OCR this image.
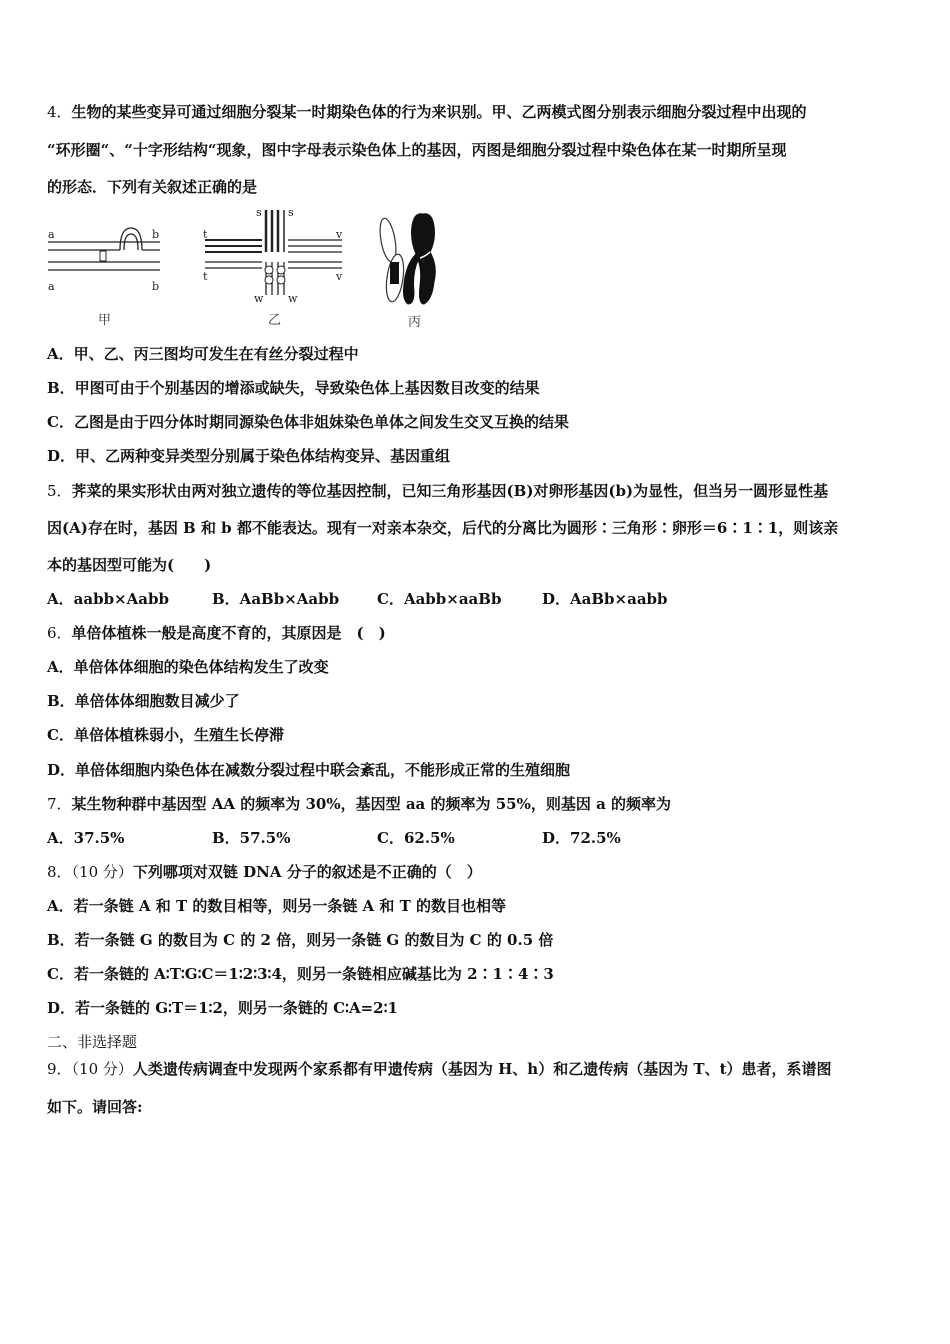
4．生物的某些变异可通过细胞分裂某一时期染色体的行为来识别。甲、乙两模式图分别表示细胞分裂过程中出现的
“环形圈“、“十字形结构“现象，图中字母表示染色体上的基因，丙图是细胞分裂过程中染色体在某一时期所呈现
的形态．下列有关叙述正确的是
a	b
a	b
甲
s s
t	v
t	v
w w
乙	丙
A．甲、乙、丙三图均可发生在有丝分裂过程中
B．甲图可由于个别基因的增添或缺失，导致染色体上基因数目改变的结果
C．乙图是由于四分体时期同源染色体非姐妹染色单体之间发生交叉互换的结果
D．甲、乙两种变异类型分别属于染色体结构变异、基因重组
5．荠菜的果实形状由两对独立遗传的等位基因控制，已知三角形基因(B)对卵形基因(b)为显性，但当另一圆形显性基
因(A)存在时，基因 B 和 b 都不能表达。现有一对亲本杂交，后代的分离比为圆形∶三角形∶卵形＝6∶1∶1，则该亲
本的基因型可能为(　　)
A．aabb×Aabb	B．AaBb×Aabb	C．Aabb×aaBb	D．AaBb×aabb
6．单倍体植株一般是高度不育的，其原因是　(　)
A．单倍体体细胞的染色体结构发生了改变
B．单倍体体细胞数目减少了
C．单倍体植株弱小，生殖生长停滞
D．单倍体细胞内染色体在减数分裂过程中联会紊乱，不能形成正常的生殖细胞
7．某生物种群中基因型 AA 的频率为 30%，基因型 aa 的频率为 55%，则基因 a 的频率为
A．37.5%	B．57.5%	C．62.5%	D．72.5%
8．（10 分）下列哪项对双链 DNA 分子的叙述是不正确的（　）
A．若一条链 A 和 T 的数目相等，则另一条链 A 和 T 的数目也相等
B．若一条链 G 的数目为 C 的 2 倍，则另一条链 G 的数目为 C 的 0.5 倍
C．若一条链的 A∶T∶G∶C＝1∶2∶3∶4，则另一条链相应碱基比为 2∶1∶4∶3
D．若一条链的 G∶T＝1∶2，则另一条链的 C∶A=2∶1
二、非选择题
9．（10 分）人类遗传病调查中发现两个家系都有甲遗传病（基因为 H、h）和乙遗传病（基因为 T、t）患者，系谱图
如下。请回答:
